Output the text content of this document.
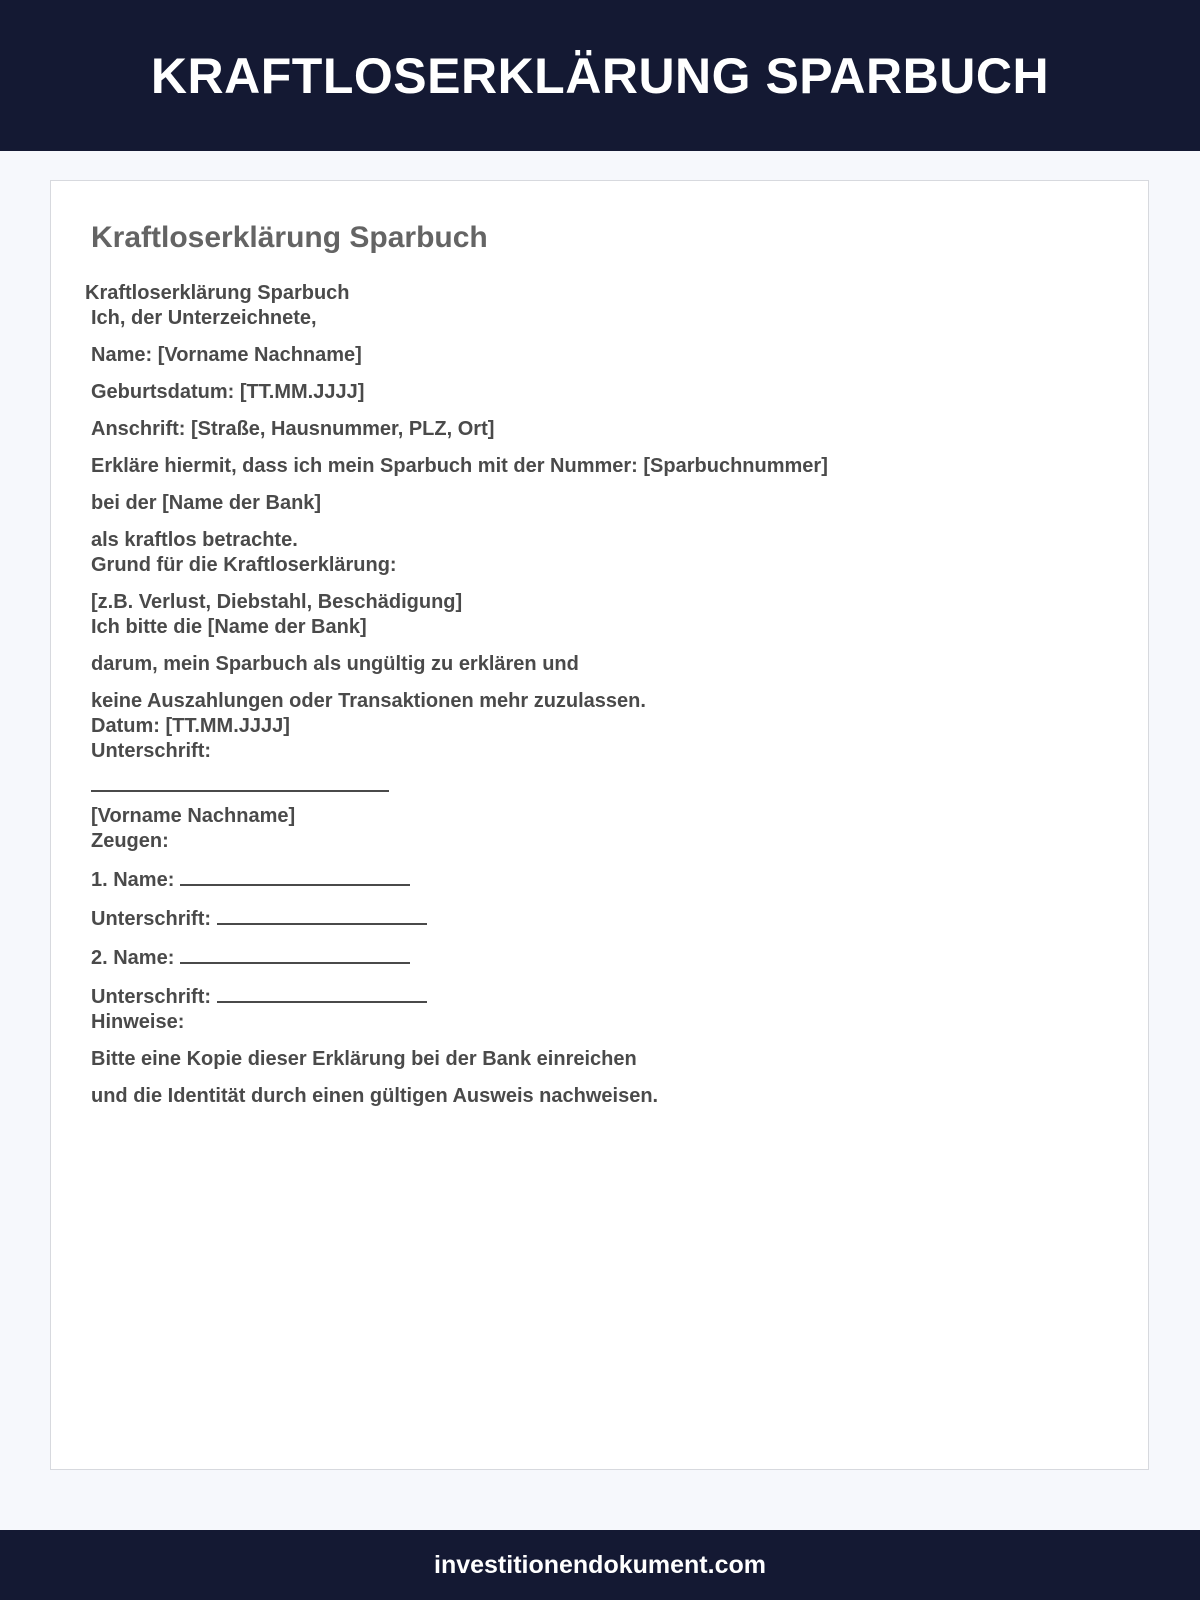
KRAFTLOSERKLÄRUNG SPARBUCH
Kraftloserklärung Sparbuch
Kraftloserklärung Sparbuch
Ich, der Unterzeichnete,
Name: [Vorname Nachname]
Geburtsdatum: [TT.MM.JJJJ]
Anschrift: [Straße, Hausnummer, PLZ, Ort]
Erkläre hiermit, dass ich mein Sparbuch mit der Nummer: [Sparbuchnummer]
bei der [Name der Bank]
als kraftlos betrachte.
Grund für die Kraftloserklärung:
[z.B. Verlust, Diebstahl, Beschädigung]
Ich bitte die [Name der Bank]
darum, mein Sparbuch als ungültig zu erklären und
keine Auszahlungen oder Transaktionen mehr zuzulassen.
Datum: [TT.MM.JJJJ]
Unterschrift:
[Vorname Nachname]
Zeugen:
1. Name:
Unterschrift:
2. Name:
Unterschrift:
Hinweise:
Bitte eine Kopie dieser Erklärung bei der Bank einreichen
und die Identität durch einen gültigen Ausweis nachweisen.
investitionendokument.com
